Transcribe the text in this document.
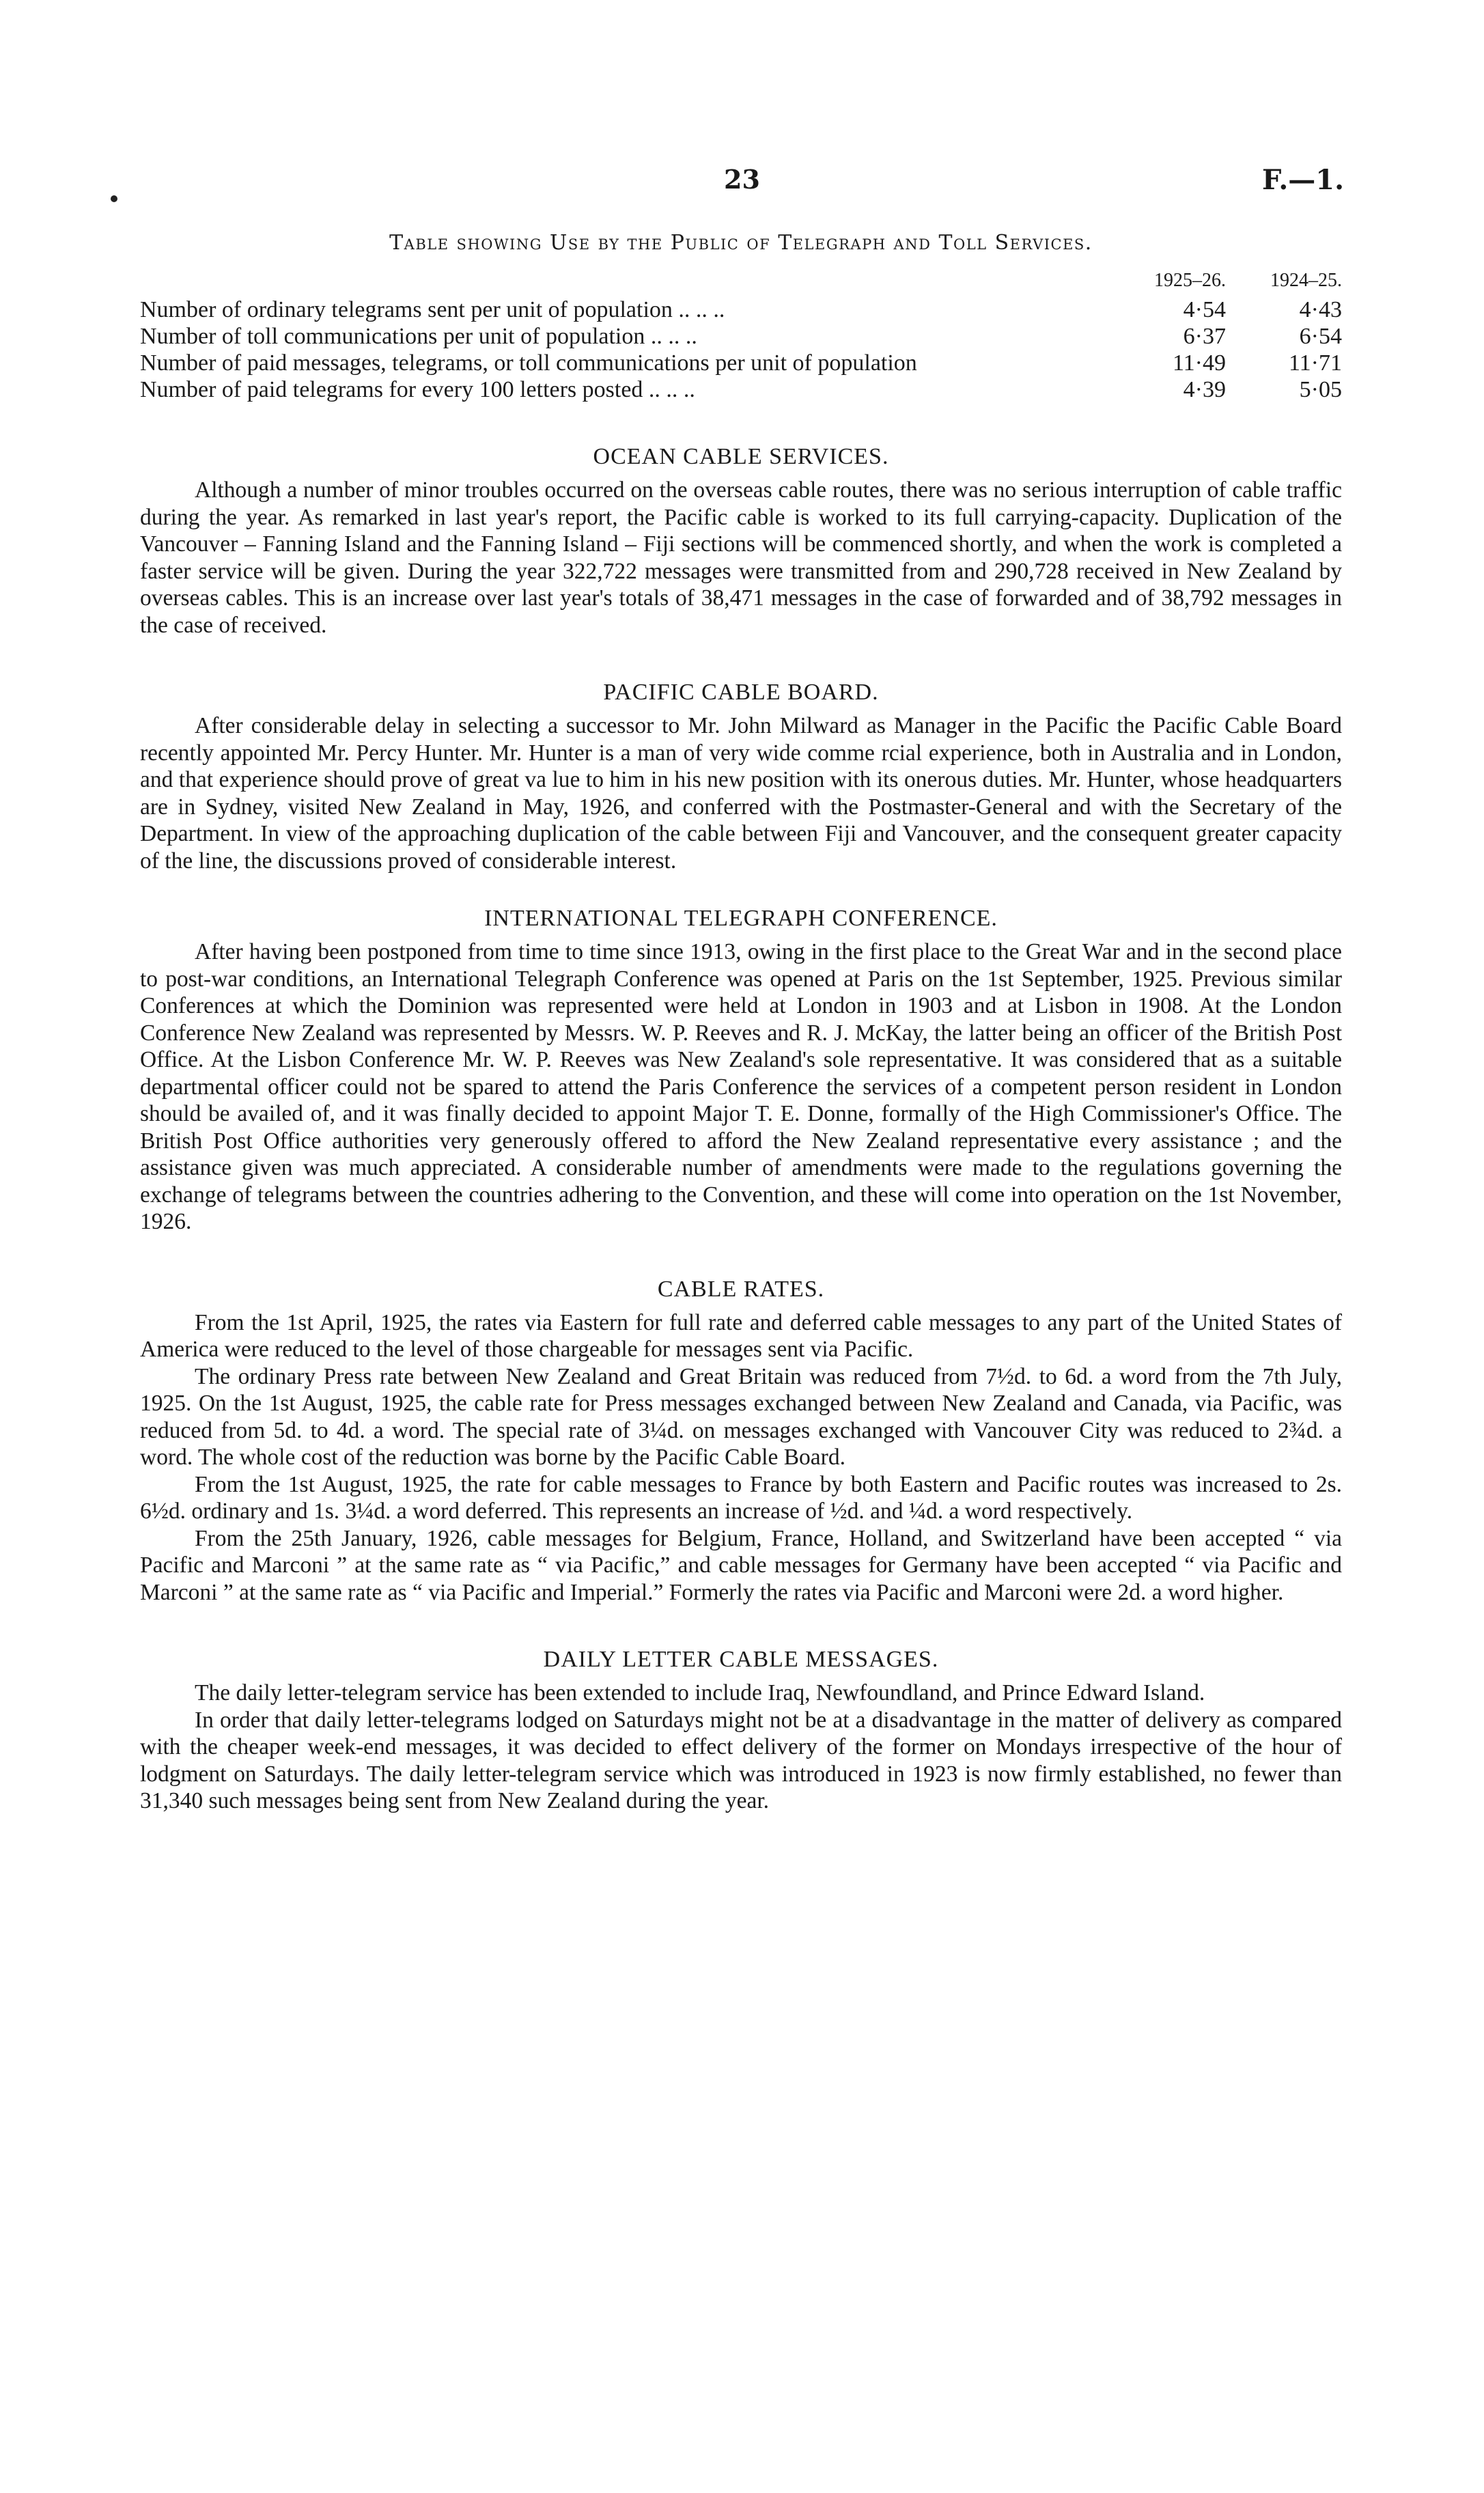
23	F.—1.
Table showing Use by the Public of Telegraph and Toll Services.
	1925–26.	1924–25.
Number of ordinary telegrams sent per unit of population .. .. ..	4·54	4·43
Number of toll communications per unit of population .. .. ..	6·37	6·54
Number of paid messages, telegrams, or toll communications per unit of population	11·49	11·71
Number of paid telegrams for every 100 letters posted .. .. ..	4·39	5·05
OCEAN CABLE SERVICES.

Although a number of minor troubles occurred on the overseas cable routes, there was no serious interruption of cable traffic during the year. As remarked in last year's report, the Pacific cable is worked to its full carrying-capacity. Duplication of the Vancouver – Fanning Island and the Fanning Island – Fiji sections will be commenced shortly, and when the work is completed a faster service will be given. During the year 322,722 messages were transmitted from and 290,728 received in New Zealand by overseas cables. This is an increase over last year's totals of 38,471 messages in the case of forwarded and of 38,792 messages in the case of received.

PACIFIC CABLE BOARD.

After considerable delay in selecting a successor to Mr. John Milward as Manager in the Pacific the Pacific Cable Board recently appointed Mr. Percy Hunter. Mr. Hunter is a man of very wide comme rcial experience, both in Australia and in London, and that experience should prove of great va lue to him in his new position with its onerous duties. Mr. Hunter, whose headquarters are in Sydney, visited New Zealand in May, 1926, and conferred with the Postmaster-General and with the Secretary of the Department. In view of the approaching duplication of the cable between Fiji and Vancouver, and the consequent greater capacity of the line, the discussions proved of considerable interest.

INTERNATIONAL TELEGRAPH CONFERENCE.

After having been postponed from time to time since 1913, owing in the first place to the Great War and in the second place to post-war conditions, an International Telegraph Conference was opened at Paris on the 1st September, 1925. Previous similar Conferences at which the Dominion was represented were held at London in 1903 and at Lisbon in 1908. At the London Conference New Zealand was represented by Messrs. W. P. Reeves and R. J. McKay, the latter being an officer of the British Post Office. At the Lisbon Conference Mr. W. P. Reeves was New Zealand's sole representative. It was considered that as a suitable departmental officer could not be spared to attend the Paris Conference the services of a competent person resident in London should be availed of, and it was finally decided to appoint Major T. E. Donne, formally of the High Commissioner's Office. The British Post Office authorities very generously offered to afford the New Zealand representative every assistance ; and the assistance given was much appreciated. A considerable number of amendments were made to the regulations governing the exchange of telegrams between the countries adhering to the Convention, and these will come into operation on the 1st November, 1926.

CABLE RATES.

From the 1st April, 1925, the rates via Eastern for full rate and deferred cable messages to any part of the United States of America were reduced to the level of those chargeable for messages sent via Pacific.

The ordinary Press rate between New Zealand and Great Britain was reduced from 7½d. to 6d. a word from the 7th July, 1925. On the 1st August, 1925, the cable rate for Press messages exchanged between New Zealand and Canada, via Pacific, was reduced from 5d. to 4d. a word. The special rate of 3¼d. on messages exchanged with Vancouver City was reduced to 2¾d. a word. The whole cost of the reduction was borne by the Pacific Cable Board.

From the 1st August, 1925, the rate for cable messages to France by both Eastern and Pacific routes was increased to 2s. 6½d. ordinary and 1s. 3¼d. a word deferred. This represents an increase of ½d. and ¼d. a word respectively.

From the 25th January, 1926, cable messages for Belgium, France, Holland, and Switzerland have been accepted “ via Pacific and Marconi ” at the same rate as “ via Pacific,” and cable messages for Germany have been accepted “ via Pacific and Marconi ” at the same rate as “ via Pacific and Imperial.” Formerly the rates via Pacific and Marconi were 2d. a word higher.

DAILY LETTER CABLE MESSAGES.

The daily letter-telegram service has been extended to include Iraq, Newfoundland, and Prince Edward Island.

In order that daily letter-telegrams lodged on Saturdays might not be at a disadvantage in the matter of delivery as compared with the cheaper week-end messages, it was decided to effect delivery of the former on Mondays irrespective of the hour of lodgment on Saturdays. The daily letter-telegram service which was introduced in 1923 is now firmly established, no fewer than 31,340 such messages being sent from New Zealand during the year.
